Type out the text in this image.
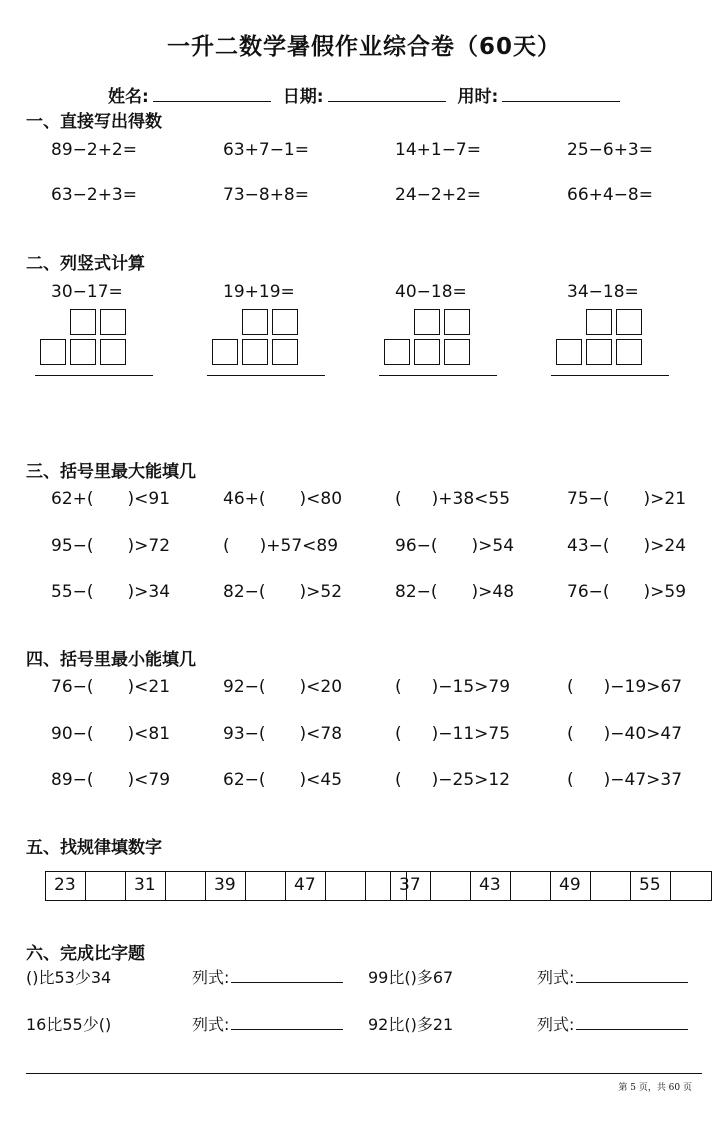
一升二数学暑假作业综合卷（60天）
姓名:	日期:	用时:
一、直接写出得数
89−2+2=	63+7−1=	14+1−7=	25−6+3=
63−2+3=	73−8+8=	24−2+2=	66+4−8=
二、列竖式计算
30−17=	19+19=	40−18=	34−18=
三、括号里最大能填几
62+( )<91	46+( )<80	( )+38<55	75−( )>21
95−( )>72	( )+57<89	96−( )>54	43−( )>24
55−( )>34	82−( )>52	82−( )>48	76−( )>59
四、括号里最小能填几
76−( )<21	92−( )<20	( )−15>79	( )−19>67
90−( )<81	93−( )<78	( )−11>75	( )−40>47
89−( )<79	62−( )<45	( )−25>12	( )−47>37
五、找规律填数字
23	31	39	47	37	43	49	55
六、完成比字题
()比53少34	列式:	99比()多67	列式:
16比55少()	列式:	92比()多21	列式:
第 5 页，共 60 页
